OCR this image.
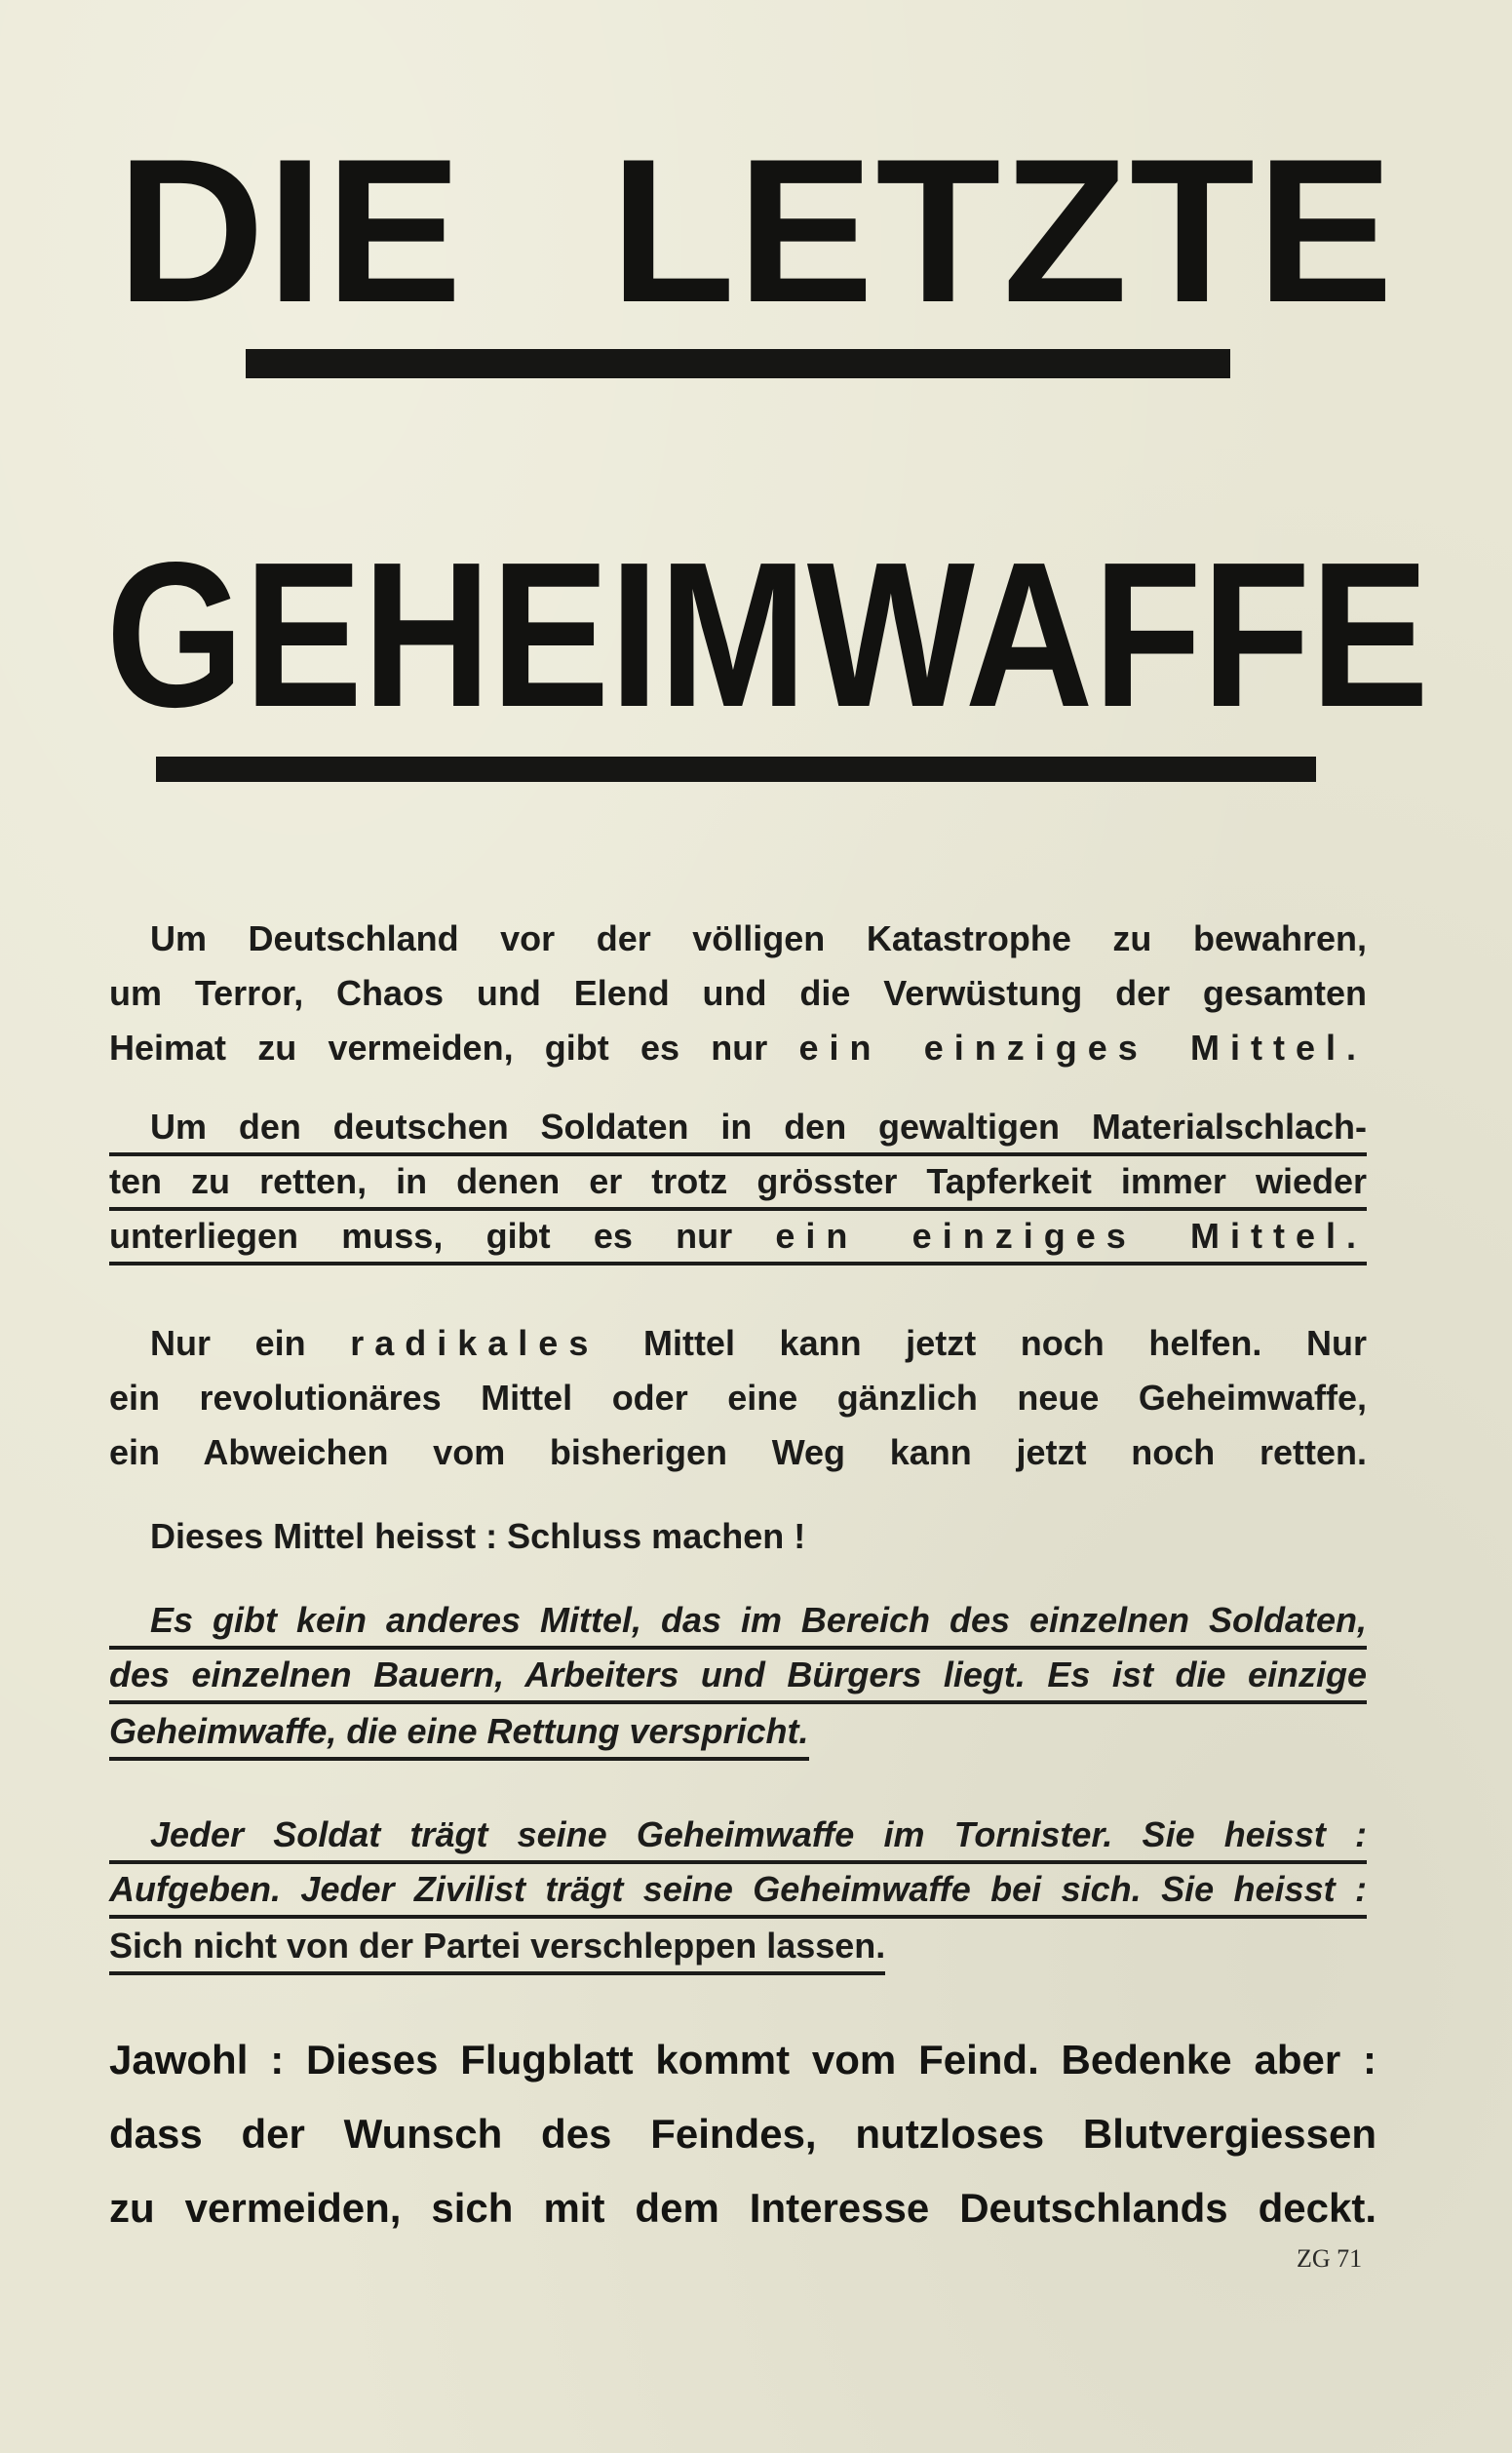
DIE LETZTE
GEHEIMWAFFE
Um Deutschland vor der völligen Katastrophe zu bewahren,
um Terror, Chaos und Elend und die Verwüstung der gesamten
Heimat zu vermeiden, gibt es nur ein einziges Mittel.
Um den deutschen Soldaten in den gewaltigen Materialschlach-
ten zu retten, in denen er trotz grösster Tapferkeit immer wieder
unterliegen muss, gibt es nur ein einziges Mittel.
Nur ein radikales Mittel kann jetzt noch helfen. Nur
ein revolutionäres Mittel oder eine gänzlich neue Geheimwaffe,
ein Abweichen vom bisherigen Weg kann jetzt noch retten.
Dieses Mittel heisst : Schluss machen !
Es gibt kein anderes Mittel, das im Bereich des einzelnen Soldaten,
des einzelnen Bauern, Arbeiters und Bürgers liegt. Es ist die einzige
Geheimwaffe, die eine Rettung verspricht.
Jeder Soldat trägt seine Geheimwaffe im Tornister. Sie heisst :
Aufgeben. Jeder Zivilist trägt seine Geheimwaffe bei sich. Sie heisst :
Sich nicht von der Partei verschleppen lassen.
Jawohl : Dieses Flugblatt kommt vom Feind. Bedenke aber :
dass der Wunsch des Feindes, nutzloses Blutvergiessen
zu vermeiden, sich mit dem Interesse Deutschlands deckt.
ZG 71
